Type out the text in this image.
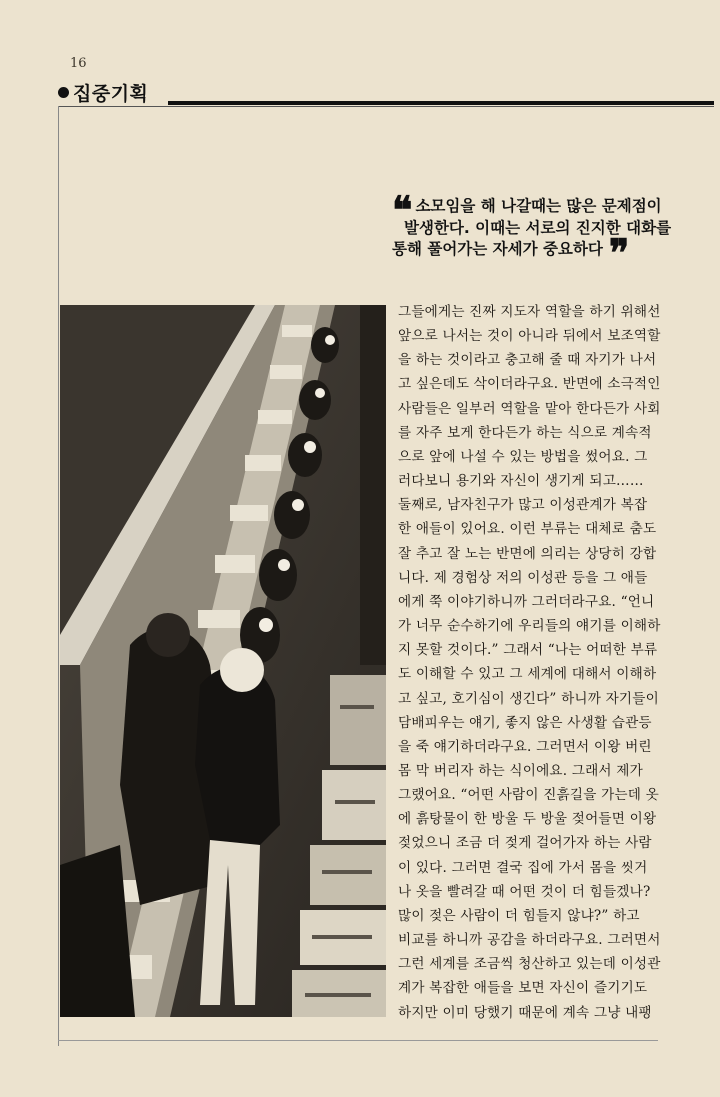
16
집중기획
❝ 소모임을 해 나갈때는 많은 문제점이
발생한다. 이때는 서로의 진지한 대화를
통해 풀어가는 자세가 중요하다 ❞
그들에게는 진짜 지도자 역할을 하기 위해선
앞으로 나서는 것이 아니라 뒤에서 보조역할
을 하는 것이라고 충고해 줄 때 자기가 나서
고 싶은데도 삭이더라구요. 반면에 소극적인
사람들은 일부러 역할을 맡아 한다든가 사회
를 자주 보게 한다든가 하는 식으로 계속적
으로 앞에 나설 수 있는 방법을 썼어요. 그
러다보니 용기와 자신이 생기게 되고……
둘째로, 남자친구가 많고 이성관계가 복잡
한 애들이 있어요. 이런 부류는 대체로 춤도
잘 추고 잘 노는 반면에 의리는 상당히 강합
니다. 제 경험상 저의 이성관 등을 그 애들
에게 쭉 이야기하니까 그러더라구요. “언니
가 너무 순수하기에 우리들의 얘기를 이해하
지 못할 것이다.” 그래서 “나는 어떠한 부류
도 이해할 수 있고 그 세계에 대해서 이해하
고 싶고, 호기심이 생긴다” 하니까 자기들이
담배피우는 얘기, 좋지 않은 사생활 습관등
을 죽 얘기하더라구요. 그러면서 이왕 버린
몸 막 버리자 하는 식이에요. 그래서 제가
그랬어요. “어떤 사람이 진흙길을 가는데 옷
에 흙탕물이 한 방울 두 방울 젖어들면 이왕
젖었으니 조금 더 젖게 걸어가자 하는 사람
이 있다. 그러면 결국 집에 가서 몸을 씻거
나 옷을 빨려갈 때 어떤 것이 더 힘들겠나?
많이 젖은 사람이 더 힘들지 않냐?” 하고
비교를 하니까 공감을 하더라구요. 그러면서
그런 세계를 조금씩 청산하고 있는데 이성관
계가 복잡한 애들을 보면 자신이 즐기기도
하지만 이미 당했기 때문에 계속 그냥 내팽
